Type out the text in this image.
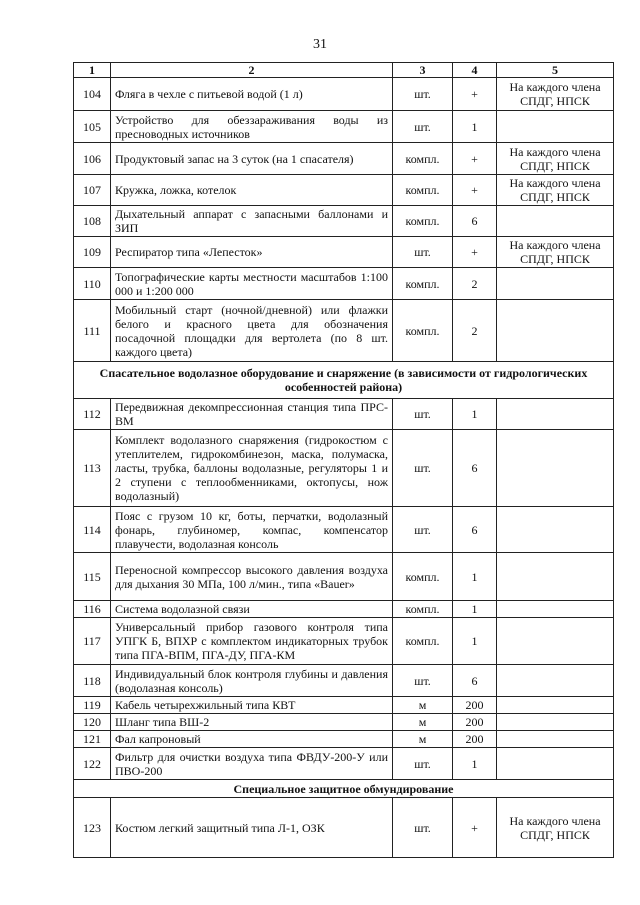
31
1	2	3	4	5
104	Фляга в чехле с питьевой водой (1 л)	шт.	+	На каждого члена СПДГ, НПСК
105	Устройство для обеззараживания воды из пресноводных источников	шт.	1	
106	Продуктовый запас на 3 суток (на 1 спасателя)	компл.	+	На каждого члена СПДГ, НПСК
107	Кружка, ложка, котелок	компл.	+	На каждого члена СПДГ, НПСК
108	Дыхательный аппарат с запасными баллонами и ЗИП	компл.	6	
109	Респиратор типа «Лепесток»	шт.	+	На каждого члена СПДГ, НПСК
110	Топографические карты местности масштабов 1:100 000 и 1:200 000	компл.	2	
111	Мобильный старт (ночной/дневной) или флажки белого и красного цвета для обозначения посадочной площадки для вертолета (по 8 шт. каждого цвета)	компл.	2	
Спасательное водолазное оборудование и снаряжение (в зависимости от гидрологических особенностей района)				
112	Передвижная декомпрессионная станция типа ПРС-ВМ	шт.	1	
113	Комплект водолазного снаряжения (гидрокостюм с утеплителем, гидрокомбинезон, маска, полумаска, ласты, трубка, баллоны водолазные, регуляторы 1 и 2 ступени с теплообменниками, октопусы, нож водолазный)	шт.	6	
114	Пояс с грузом 10 кг, боты, перчатки, водолазный фонарь, глубиномер, компас, компенсатор плавучести, водолазная консоль	шт.	6	
115	Переносной компрессор высокого давления воздуха для дыхания 30 МПа, 100 л/мин., типа «Bauer»	компл.	1	
116	Система водолазной связи	компл.	1	
117	Универсальный прибор газового контроля типа УПГК Б, ВПХР с комплектом индикаторных трубок типа ПГА-ВПМ, ПГА-ДУ, ПГА-КМ	компл.	1	
118	Индивидуальный блок контроля глубины и давления (водолазная консоль)	шт.	6	
119	Кабель четырехжильный типа КВТ	м	200	
120	Шланг типа ВШ-2	м	200	
121	Фал капроновый	м	200	
122	Фильтр для очистки воздуха типа ФВДУ-200-У или ПВО-200	шт.	1	
Специальное защитное обмундирование				
123	Костюм легкий защитный типа Л-1, ОЗК	шт.	+	На каждого члена СПДГ, НПСК
